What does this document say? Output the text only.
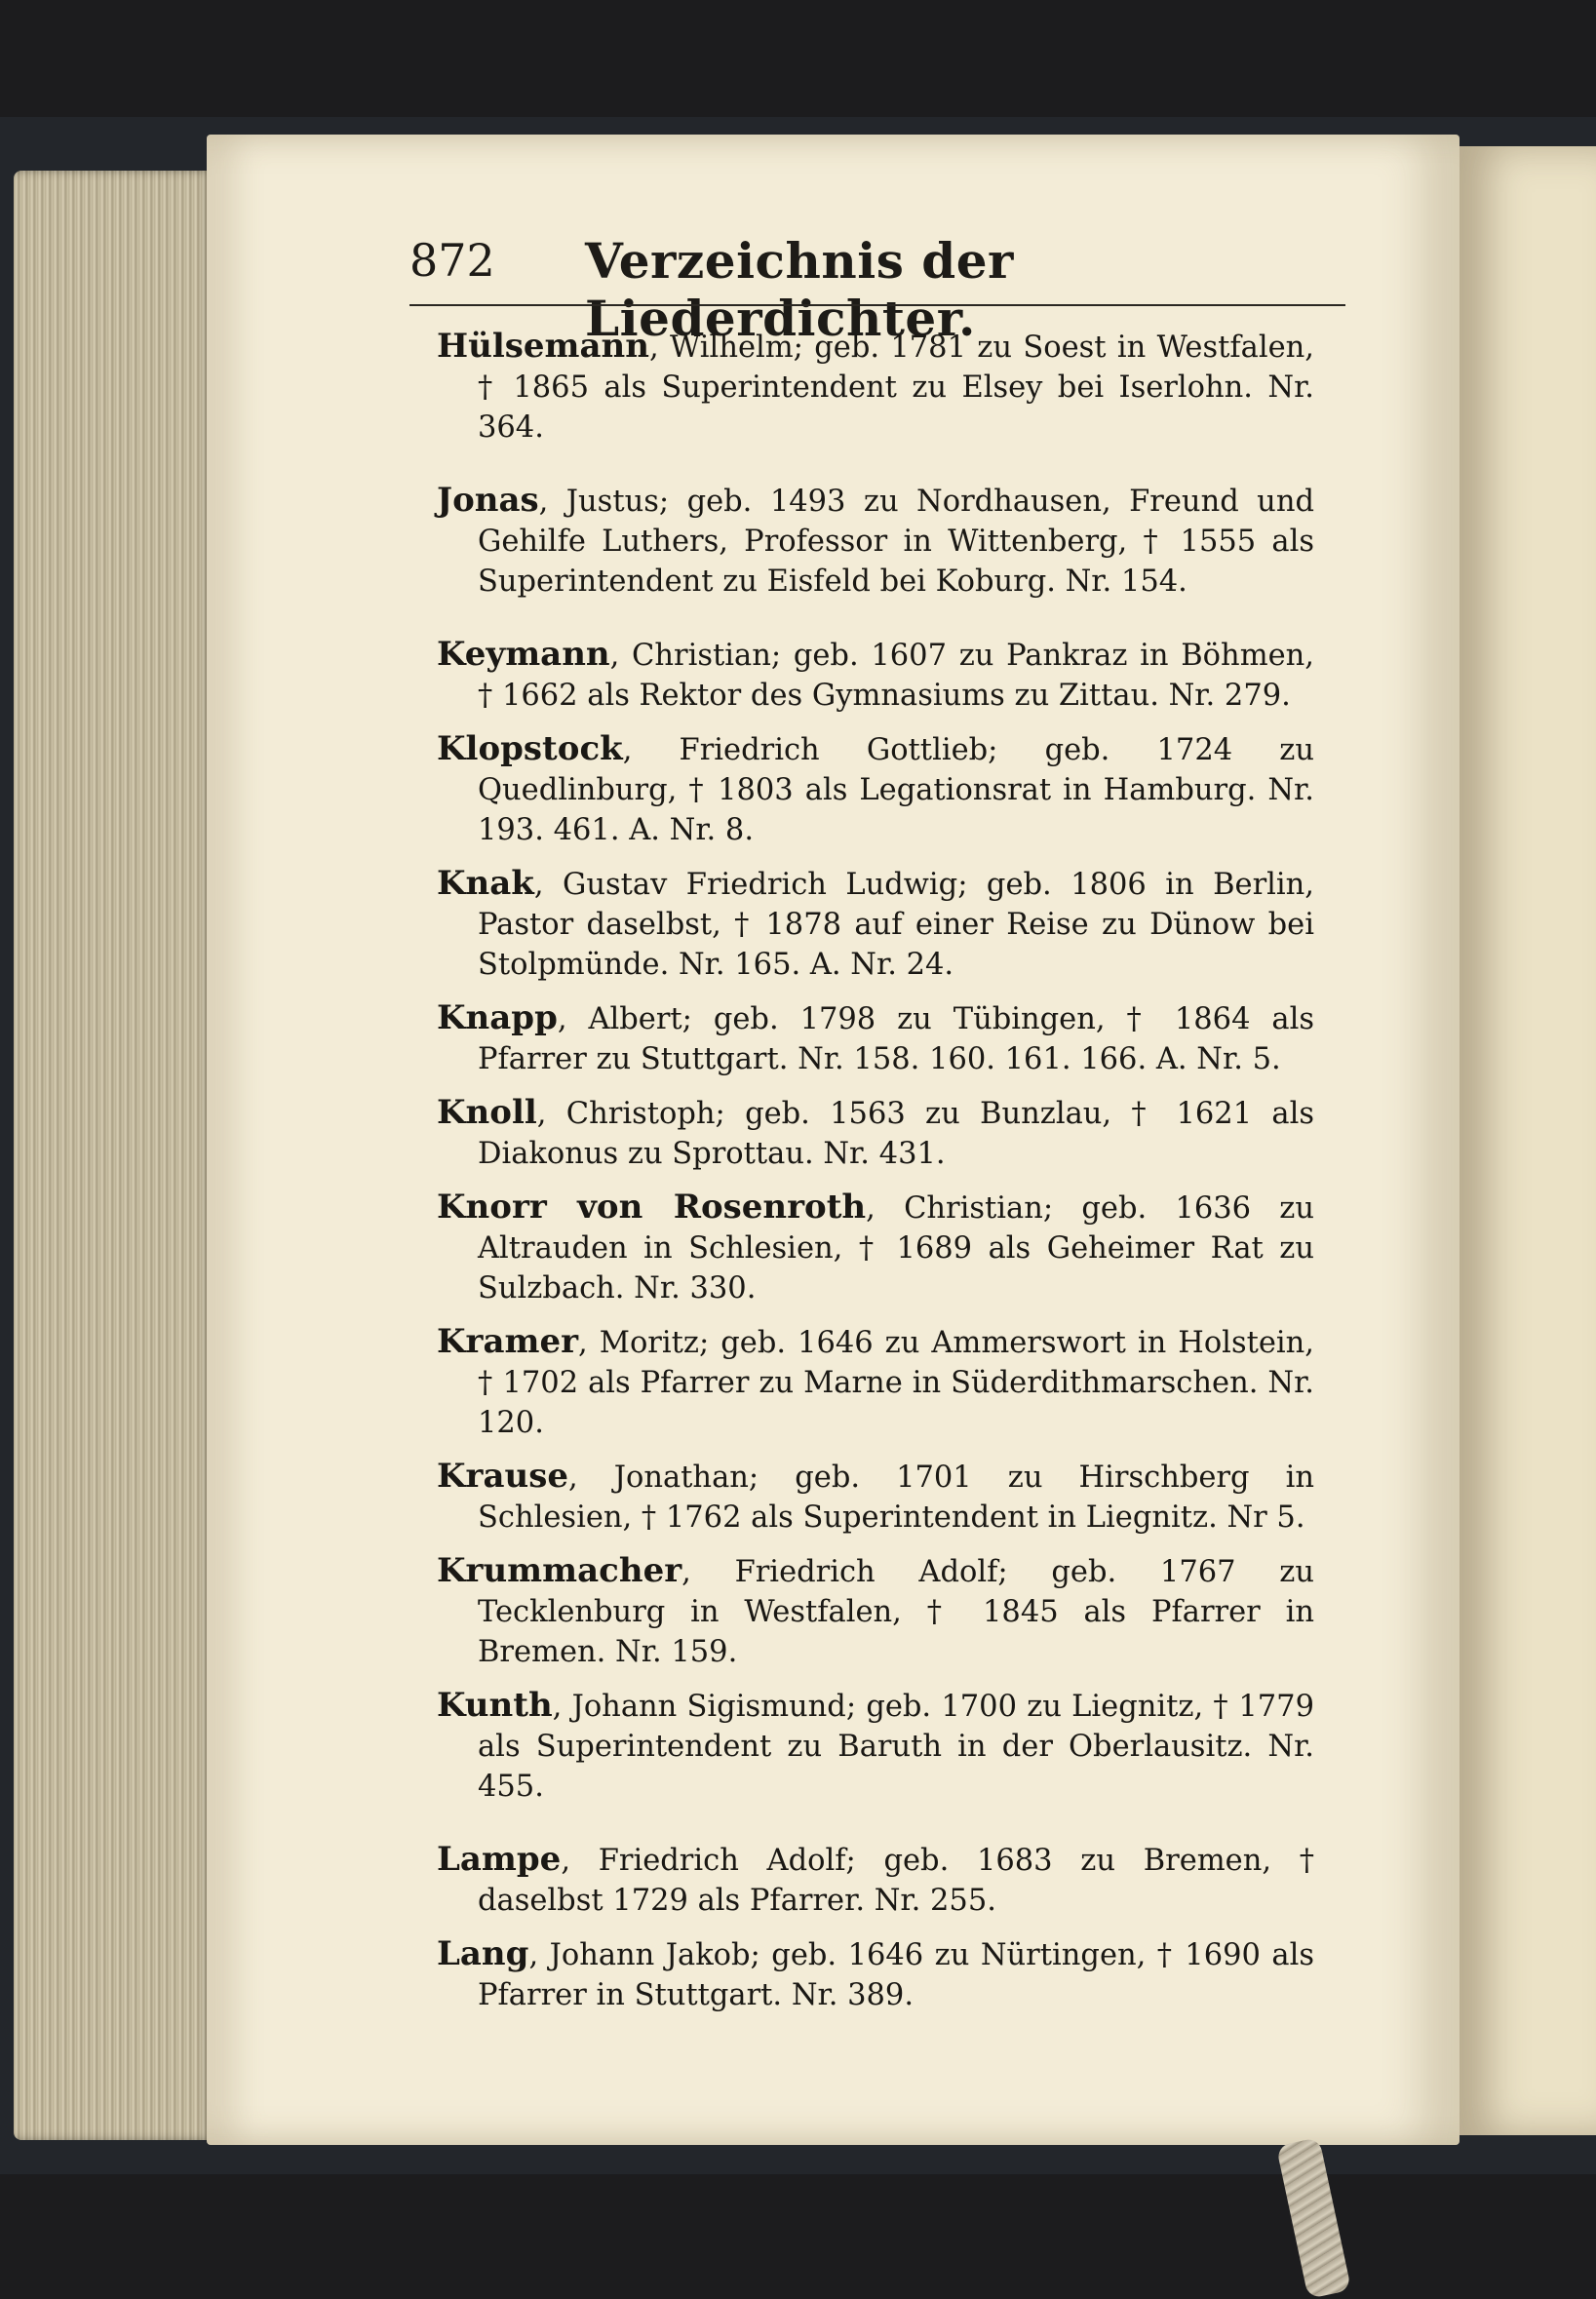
872 Verzeichnis der Liederdichter.

Hülsemann, Wilhelm; geb. 1781 zu Soest in Westfalen, † 1865 als Superintendent zu Elsey bei Iserlohn. Nr. 364.

Jonas, Justus; geb. 1493 zu Nordhausen, Freund und Gehilfe Luthers, Professor in Wittenberg, † 1555 als Superintendent zu Eisfeld bei Koburg. Nr. 154.

Keymann, Christian; geb. 1607 zu Pankraz in Böhmen, † 1662 als Rektor des Gymnasiums zu Zittau. Nr. 279.

Klopstock, Friedrich Gottlieb; geb. 1724 zu Quedlinburg, † 1803 als Legationsrat in Hamburg. Nr. 193. 461. A. Nr. 8.

Knak, Gustav Friedrich Ludwig; geb. 1806 in Berlin, Pastor daselbst, † 1878 auf einer Reise zu Dünow bei Stolpmünde. Nr. 165. A. Nr. 24.

Knapp, Albert; geb. 1798 zu Tübingen, † 1864 als Pfarrer zu Stuttgart. Nr. 158. 160. 161. 166. A. Nr. 5.

Knoll, Christoph; geb. 1563 zu Bunzlau, † 1621 als Diakonus zu Sprottau. Nr. 431.

Knorr von Rosenroth, Christian; geb. 1636 zu Altrauden in Schlesien, † 1689 als Geheimer Rat zu Sulzbach. Nr. 330.

Kramer, Moritz; geb. 1646 zu Ammerswort in Holstein, † 1702 als Pfarrer zu Marne in Süderdithmarschen. Nr. 120.

Krause, Jonathan; geb. 1701 zu Hirschberg in Schlesien, † 1762 als Superintendent in Liegnitz. Nr 5.

Krummacher, Friedrich Adolf; geb. 1767 zu Tecklenburg in Westfalen, † 1845 als Pfarrer in Bremen. Nr. 159.

Kunth, Johann Sigismund; geb. 1700 zu Liegnitz, † 1779 als Superintendent zu Baruth in der Oberlausitz. Nr. 455.

Lampe, Friedrich Adolf; geb. 1683 zu Bremen, † daselbst 1729 als Pfarrer. Nr. 255.

Lang, Johann Jakob; geb. 1646 zu Nürtingen, † 1690 als Pfarrer in Stuttgart. Nr. 389.
